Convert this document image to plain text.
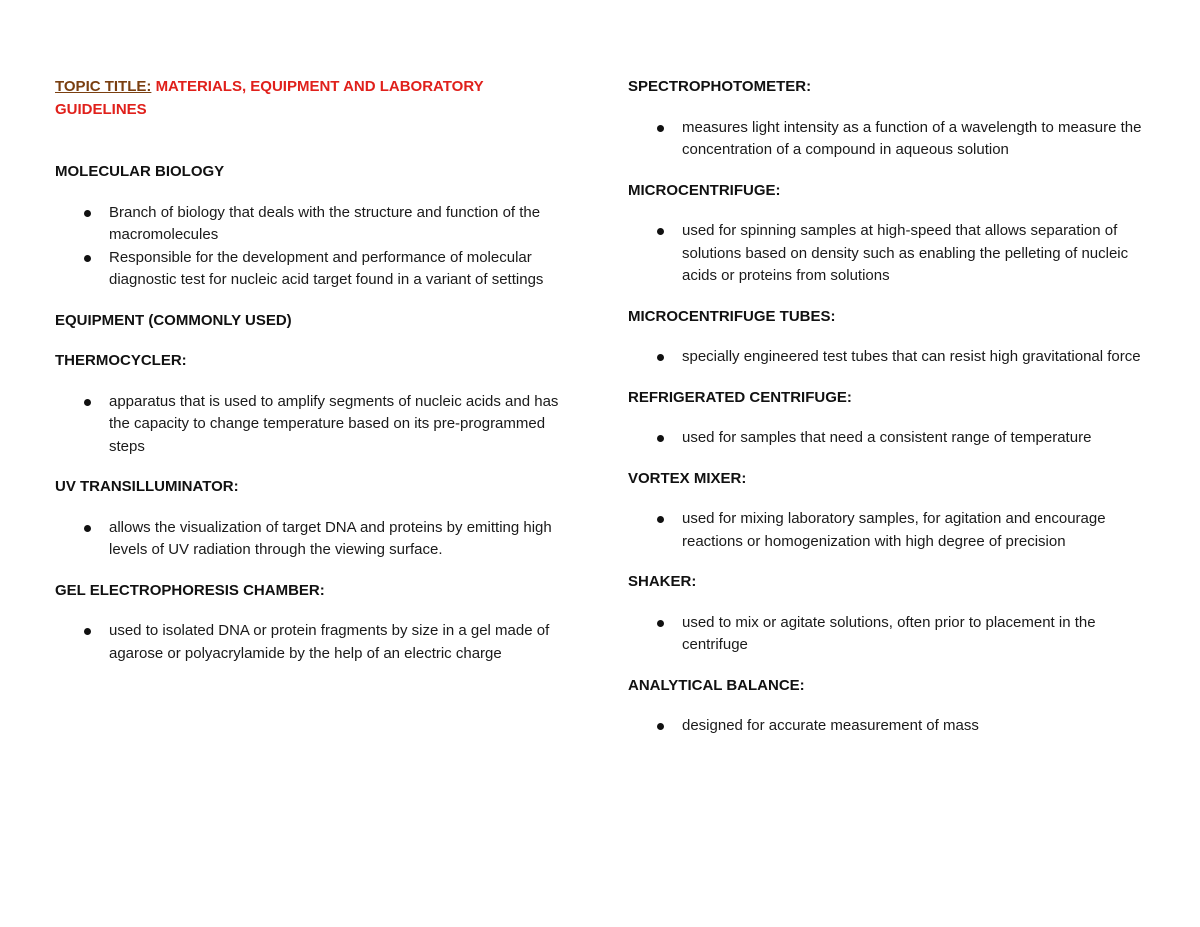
TOPIC TITLE: MATERIALS, EQUIPMENT AND LABORATORY GUIDELINES

MOLECULAR BIOLOGY

Branch of biology that deals with the structure and function of the macromolecules
Responsible for the development and performance of molecular diagnostic test for nucleic acid target found in a variant of settings

EQUIPMENT (COMMONLY USED)

THERMOCYCLER:

apparatus that is used to amplify segments of nucleic acids and has the capacity to change temperature based on its pre-programmed steps

UV TRANSILLUMINATOR:

allows the visualization of target DNA and proteins by emitting high levels of UV radiation through the viewing surface.

GEL ELECTROPHORESIS CHAMBER:

used to isolated DNA or protein fragments by size in a gel made of agarose or polyacrylamide by the help of an electric charge

SPECTROPHOTOMETER:

measures light intensity as a function of a wavelength to measure the concentration of a compound in aqueous solution

MICROCENTRIFUGE:

used for spinning samples at high-speed that allows separation of solutions based on density such as enabling the pelleting of nucleic acids or proteins from solutions

MICROCENTRIFUGE TUBES:

specially engineered test tubes that can resist high gravitational force

REFRIGERATED CENTRIFUGE:

used for samples that need a consistent range of temperature

VORTEX MIXER:

used for mixing laboratory samples, for agitation and encourage reactions or homogenization with high degree of precision

SHAKER:

used to mix or agitate solutions, often prior to placement in the centrifuge

ANALYTICAL BALANCE:

designed for accurate measurement of mass
